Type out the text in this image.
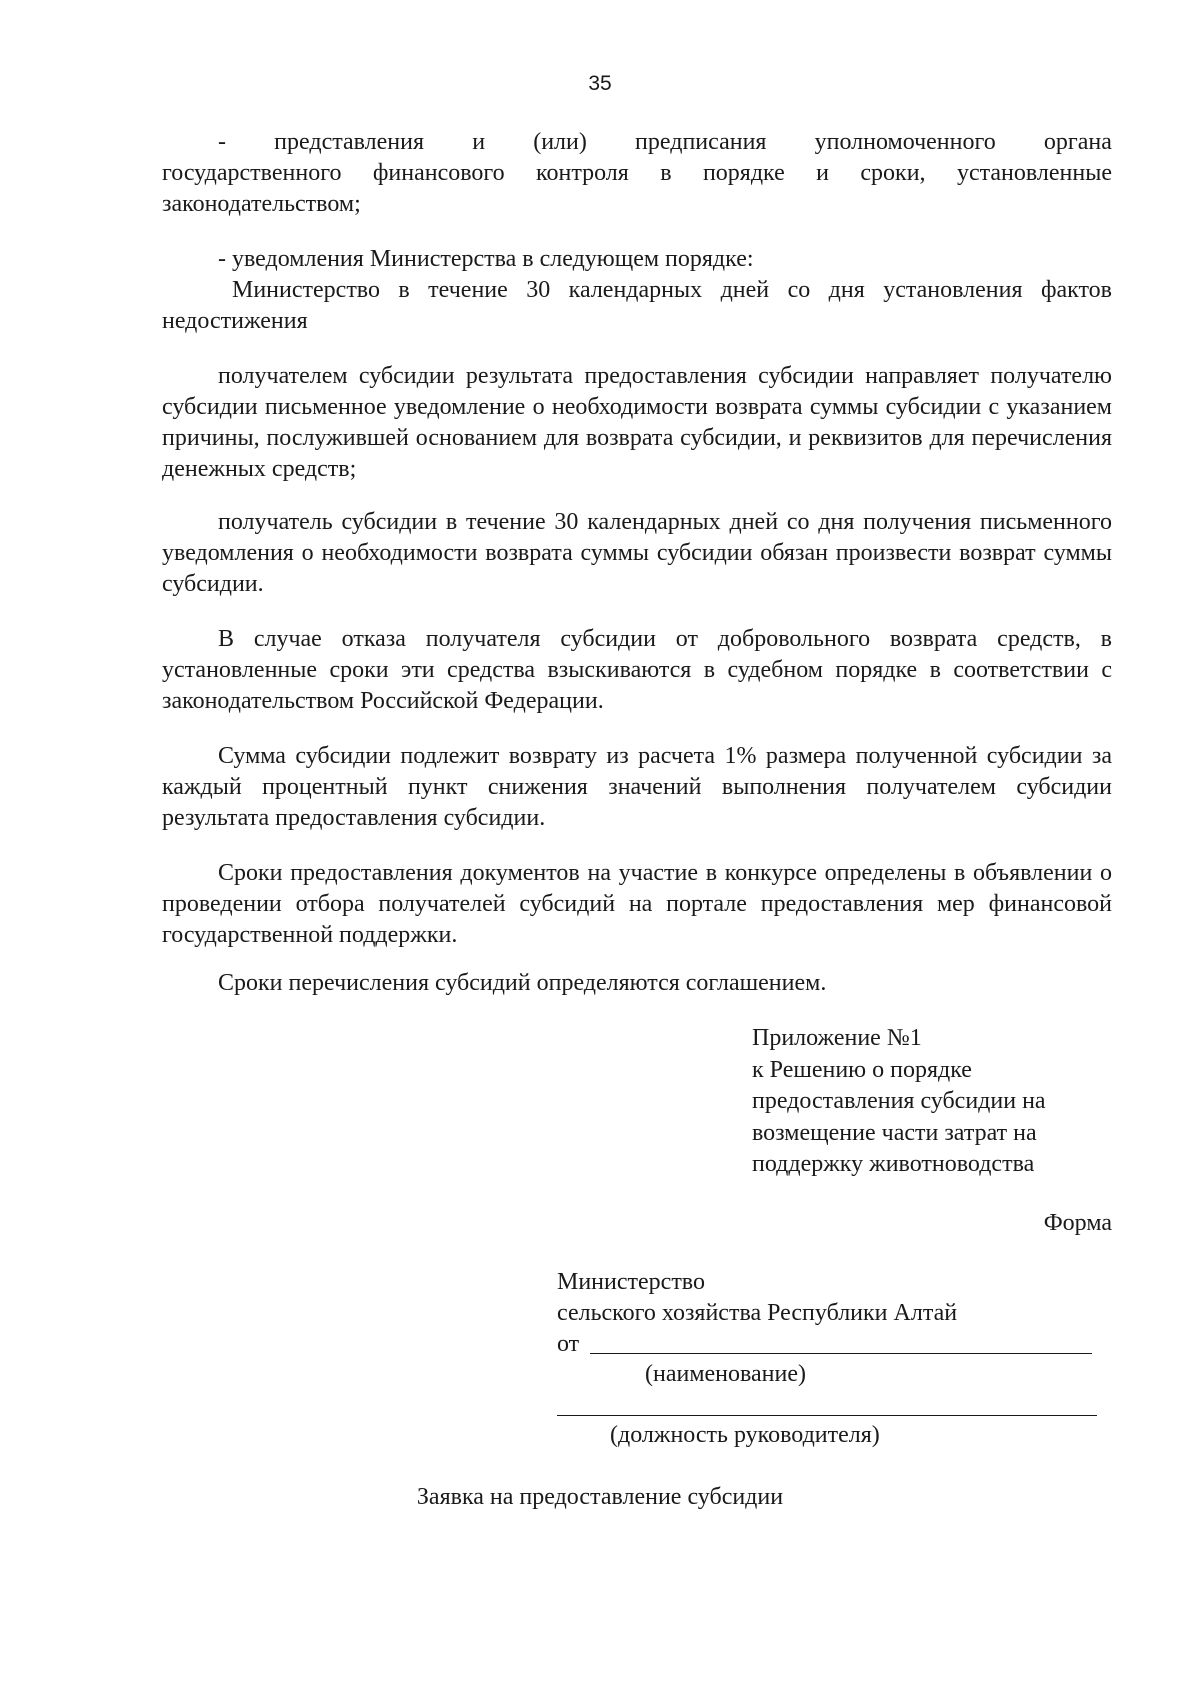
35
- представления и (или) предписания уполномоченного органа
государственного финансового контроля в порядке и сроки, установленные
законодательством;
- уведомления Министерства в следующем порядке:
Министерство в течение 30 календарных дней со дня установления фактов
недостижения

получателем субсидии результата предоставления субсидии направляет получателю субсидии письменное уведомление о необходимости возврата суммы субсидии с указанием причины, послужившей основанием для возврата субсидии, и реквизитов для перечисления денежных средств;

получатель субсидии в течение 30 календарных дней со дня получения письменного уведомления о необходимости возврата суммы субсидии обязан произвести возврат суммы субсидии.

В случае отказа получателя субсидии от добровольного возврата средств, в установленные сроки эти средства взыскиваются в судебном порядке в соответствии с законодательством Российской Федерации.

Сумма субсидии подлежит возврату из расчета 1% размера полученной субсидии за каждый процентный пункт снижения значений выполнения получателем субсидии результата предоставления субсидии.

Сроки предоставления документов на участие в конкурсе определены в объявлении о проведении отбора получателей субсидий на портале предоставления мер финансовой государственной поддержки.

Сроки перечисления субсидий определяются соглашением.
Приложение №1
к Решению о порядке
предоставления субсидии на
возмещение части затрат на
поддержку животноводства
Форма
Министерство
сельского хозяйства Республики Алтай
от
(наименование)
(должность руководителя)
Заявка на предоставление субсидии
